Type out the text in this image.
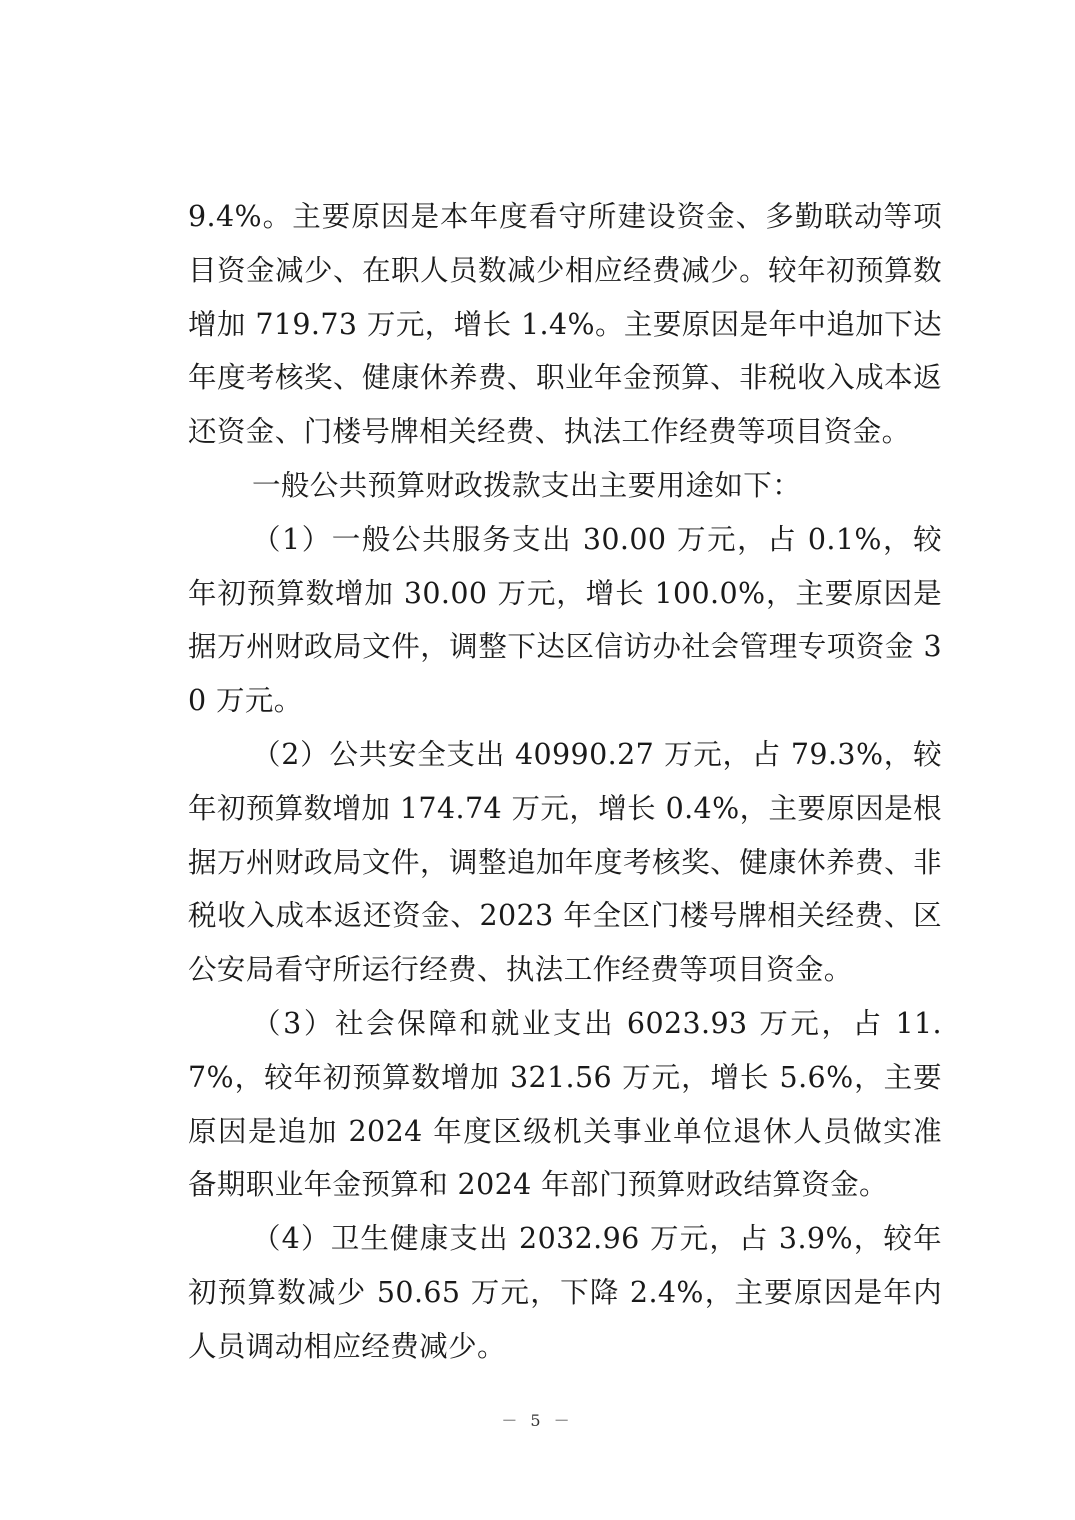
9.4%。主要原因是本年度看守所建设资金、多勤联动等项目资金减少、在职人员数减少相应经费减少。较年初预算数增加 719.73 万元，增长 1.4%。主要原因是年中追加下达年度考核奖、健康休养费、职业年金预算、非税收入成本返还资金、门楼号牌相关经费、执法工作经费等项目资金。

一般公共预算财政拨款支出主要用途如下：

（1）一般公共服务支出 30.00 万元，占 0.1%，较年初预算数增加 30.00 万元，增长 100.0%，主要原因是据万州财政局文件，调整下达区信访办社会管理专项资金 30 万元。

（2）公共安全支出 40990.27 万元，占 79.3%，较年初预算数增加 174.74 万元，增长 0.4%，主要原因是根据万州财政局文件，调整追加年度考核奖、健康休养费、非税收入成本返还资金、2023 年全区门楼号牌相关经费、区公安局看守所运行经费、执法工作经费等项目资金。

（3）社会保障和就业支出 6023.93 万元，占 11.7%，较年初预算数增加 321.56 万元，增长 5.6%，主要原因是追加 2024 年度区级机关事业单位退休人员做实准备期职业年金预算和 2024 年部门预算财政结算资金。

（4）卫生健康支出 2032.96 万元，占 3.9%，较年初预算数减少 50.65 万元，下降 2.4%，主要原因是年内人员调动相应经费减少。

－ 5 －
